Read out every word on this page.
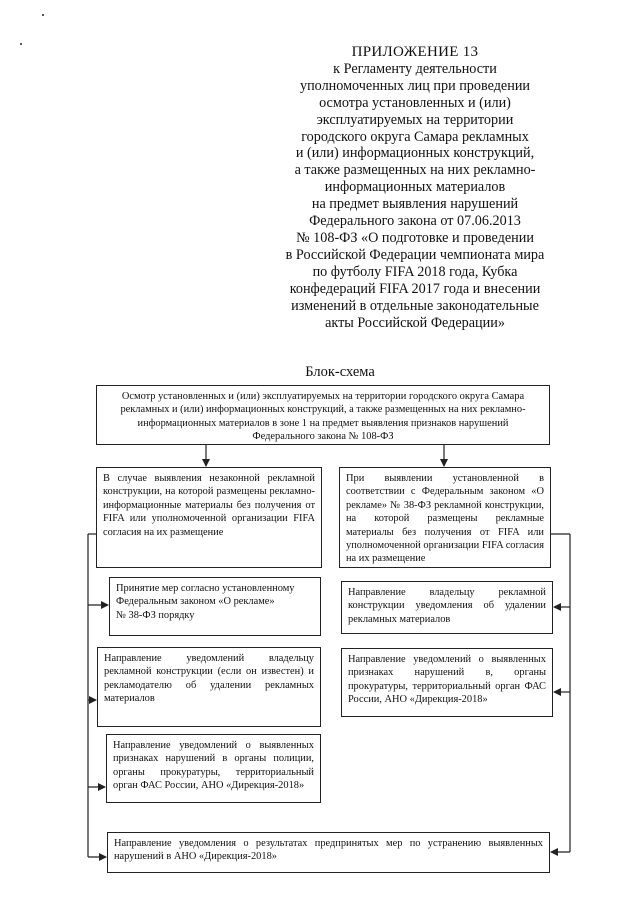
ПРИЛОЖЕНИЕ 13
к Регламенту деятельности
уполномоченных лиц при проведении
осмотра установленных и (или)
эксплуатируемых на территории
городского округа Самара рекламных
и (или) информационных конструкций,
а также размещенных на них рекламно-
информационных материалов
на предмет выявления нарушений
Федерального закона от 07.06.2013
№ 108-ФЗ «О подготовке и проведении
в Российской Федерации чемпионата мира
по футболу FIFA 2018 года, Кубка
конфедераций FIFA 2017 года и внесении
изменений в отдельные законодательные
акты Российской Федерации»
Блок-схема
Осмотр установленных и (или) эксплуатируемых на территории городского округа Самара
рекламных и (или) информационных конструкций, а также размещенных на них рекламно-
информационных материалов в зоне 1 на предмет выявления признаков нарушений
Федерального закона № 108-ФЗ
В случае выявления незаконной рекламной конструкции, на которой размещены рекламно-информационные материалы без получения от FIFA или уполномоченной организации FIFA согласия на их размещение
При выявлении установленной в соответствии с Федеральным законом «О рекламе» № 38-ФЗ рекламной конструкции, на которой размещены рекламные материалы без получения от FIFA или уполномоченной организации FIFA согласия на их размещение
Принятие мер согласно установленному
Федеральным законом «О рекламе»
№ 38-ФЗ порядку
Направление владельцу рекламной конструкции уведомления об удалении рекламных материалов
Направление уведомлений владельцу рекламной конструкции (если он известен) и рекламодателю об удалении рекламных материалов
Направление уведомлений о выявленных признаках нарушений в, органы прокуратуры, территориальный орган ФАС России, АНО «Дирекция-2018»
Направление уведомлений о выявленных признаках нарушений в органы полиции, органы прокуратуры, территориальный орган ФАС России, АНО «Дирекция-2018»
Направление уведомления о результатах предпринятых мер по устранению выявленных нарушений в АНО «Дирекция-2018»
